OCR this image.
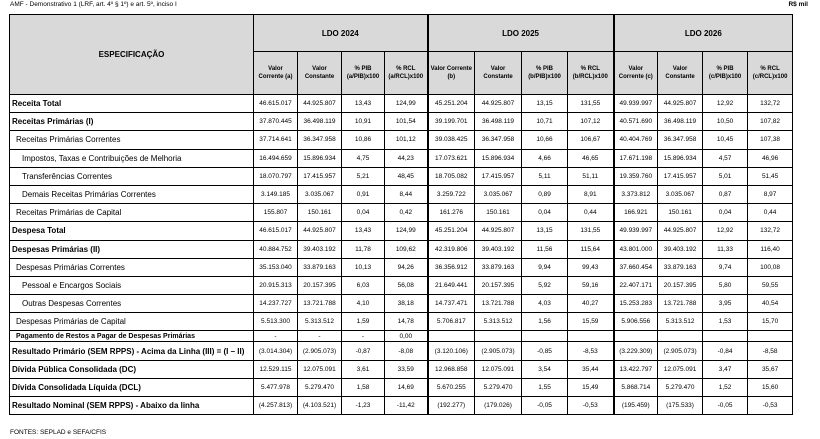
AMF - Demonstrativo 1 (LRF, art. 4º § 1º) e art. 5º, inciso I	R$ mil
ESPECIFICAÇÃO	LDO 2024				LDO 2025				LDO 2026			
	Valor Corrente (a)	Valor Constante	% PIB (a/PIB)x100	% RCL (a/RCL)x100	Valor Corrente (b)	Valor Constante	% PIB (b/PIB)x100	% RCL (b/RCL)x100	Valor Corrente (c)	Valor Constante	% PIB (c/PIB)x100	% RCL (c/RCL)x100
Receita Total	46.615.017	44.925.807	13,43	124,99	45.251.204	44.925.807	13,15	131,55	49.939.997	44.925.807	12,92	132,72
Receitas Primárias (I)	37.870.445	36.498.119	10,91	101,54	39.199.701	36.498.119	10,71	107,12	40.571.690	36.498.119	10,50	107,82
Receitas Primárias Correntes	37.714.641	36.347.958	10,86	101,12	39.038.425	36.347.958	10,66	106,67	40.404.769	36.347.958	10,45	107,38
Impostos, Taxas e Contribuições de Melhoria	16.494.659	15.896.934	4,75	44,23	17.073.621	15.896.934	4,66	46,65	17.671.198	15.896.934	4,57	46,96
Transferências Correntes	18.070.797	17.415.957	5,21	48,45	18.705.082	17.415.957	5,11	51,11	19.359.760	17.415.957	5,01	51,45
Demais Receitas Primárias Correntes	3.149.185	3.035.067	0,91	8,44	3.259.722	3.035.067	0,89	8,91	3.373.812	3.035.067	0,87	8,97
Receitas Primárias de Capital	155.807	150.161	0,04	0,42	161.276	150.161	0,04	0,44	166.921	150.161	0,04	0,44
Despesa Total	46.615.017	44.925.807	13,43	124,99	45.251.204	44.925.807	13,15	131,55	49.939.997	44.925.807	12,92	132,72
Despesas Primárias (II)	40.884.752	39.403.192	11,78	109,62	42.319.806	39.403.192	11,56	115,64	43.801.000	39.403.192	11,33	116,40
Despesas Primárias Correntes	35.153.040	33.879.163	10,13	94,26	36.356.912	33.879.163	9,94	99,43	37.660.454	33.879.163	9,74	100,08
Pessoal e Encargos Sociais	20.915.313	20.157.395	6,03	56,08	21.649.441	20.157.395	5,92	59,16	22.407.171	20.157.395	5,80	59,55
Outras Despesas Correntes	14.237.727	13.721.788	4,10	38,18	14.737.471	13.721.788	4,03	40,27	15.253.283	13.721.788	3,95	40,54
Despesas Primárias de Capital	5.513.300	5.313.512	1,59	14,78	5.706.817	5.313.512	1,56	15,59	5.906.556	5.313.512	1,53	15,70
Pagamento de Restos a Pagar de Despesas Primárias	-	-	-	0,00								
Resultado Primário (SEM RPPS) - Acima da Linha (III) = (I – II)	(3.014.304)	(2.905.073)	-0,87	-8,08	(3.120.106)	(2.905.073)	-0,85	-8,53	(3.229.309)	(2.905.073)	-0,84	-8,58
Dívida Pública Consolidada (DC)	12.529.115	12.075.091	3,61	33,59	12.968.858	12.075.091	3,54	35,44	13.422.797	12.075.091	3,47	35,67
Dívida Consolidada Líquida (DCL)	5.477.978	5.279.470	1,58	14,69	5.670.255	5.279.470	1,55	15,49	5.868.714	5.279.470	1,52	15,60
Resultado Nominal (SEM RPPS) - Abaixo da linha	(4.257.813)	(4.103.521)	-1,23	-11,42	(192.277)	(179.026)	-0,05	-0,53	(195.459)	(175.533)	-0,05	-0,53
FONTES: SEPLAD e SEFA/CFIS
